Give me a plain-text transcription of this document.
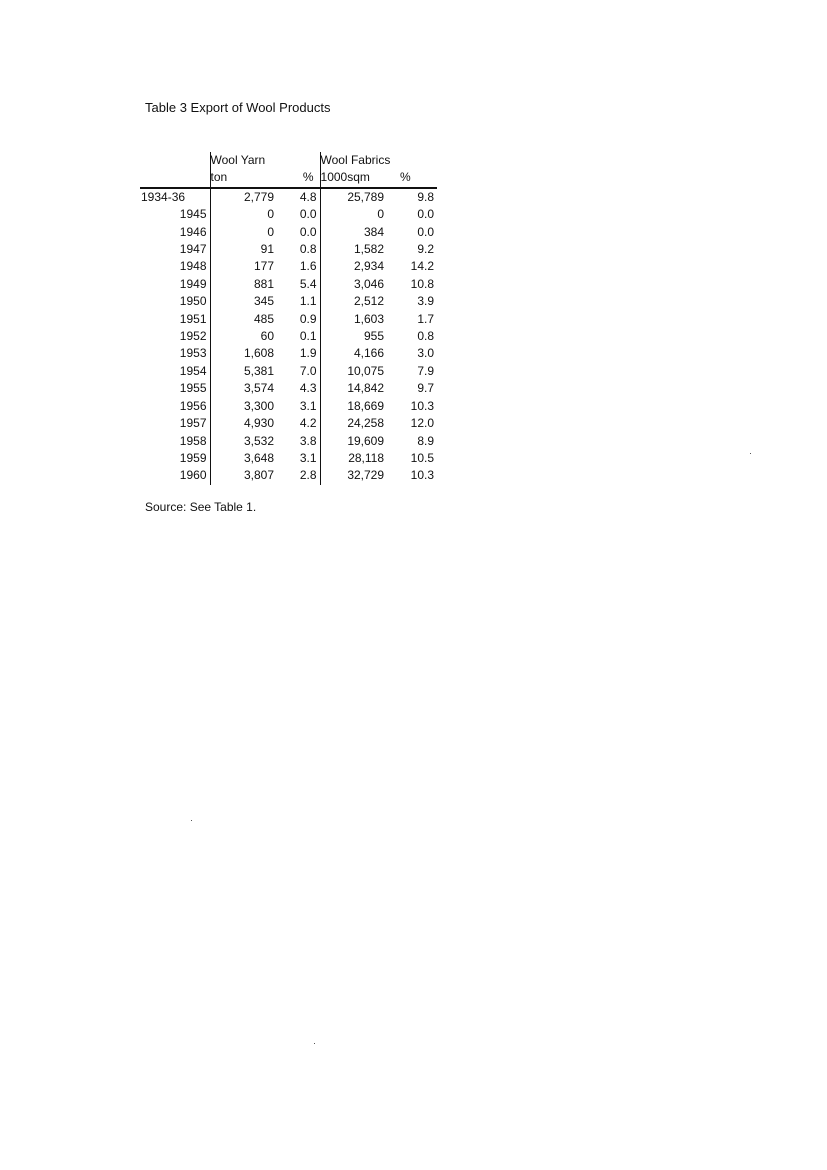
Table 3 Export of Wool Products
	Wool Yarn		Wool Fabrics	
	ton	%	1000sqm	%
1934-36	2,779	4.8	25,789	9.8
1945	0	0.0	0	0.0
1946	0	0.0	384	0.0
1947	91	0.8	1,582	9.2
1948	177	1.6	2,934	14.2
1949	881	5.4	3,046	10.8
1950	345	1.1	2,512	3.9
1951	485	0.9	1,603	1.7
1952	60	0.1	955	0.8
1953	1,608	1.9	4,166	3.0
1954	5,381	7.0	10,075	7.9
1955	3,574	4.3	14,842	9.7
1956	3,300	3.1	18,669	10.3
1957	4,930	4.2	24,258	12.0
1958	3,532	3.8	19,609	8.9
1959	3,648	3.1	28,118	10.5
1960	3,807	2.8	32,729	10.3
Source: See Table 1.
